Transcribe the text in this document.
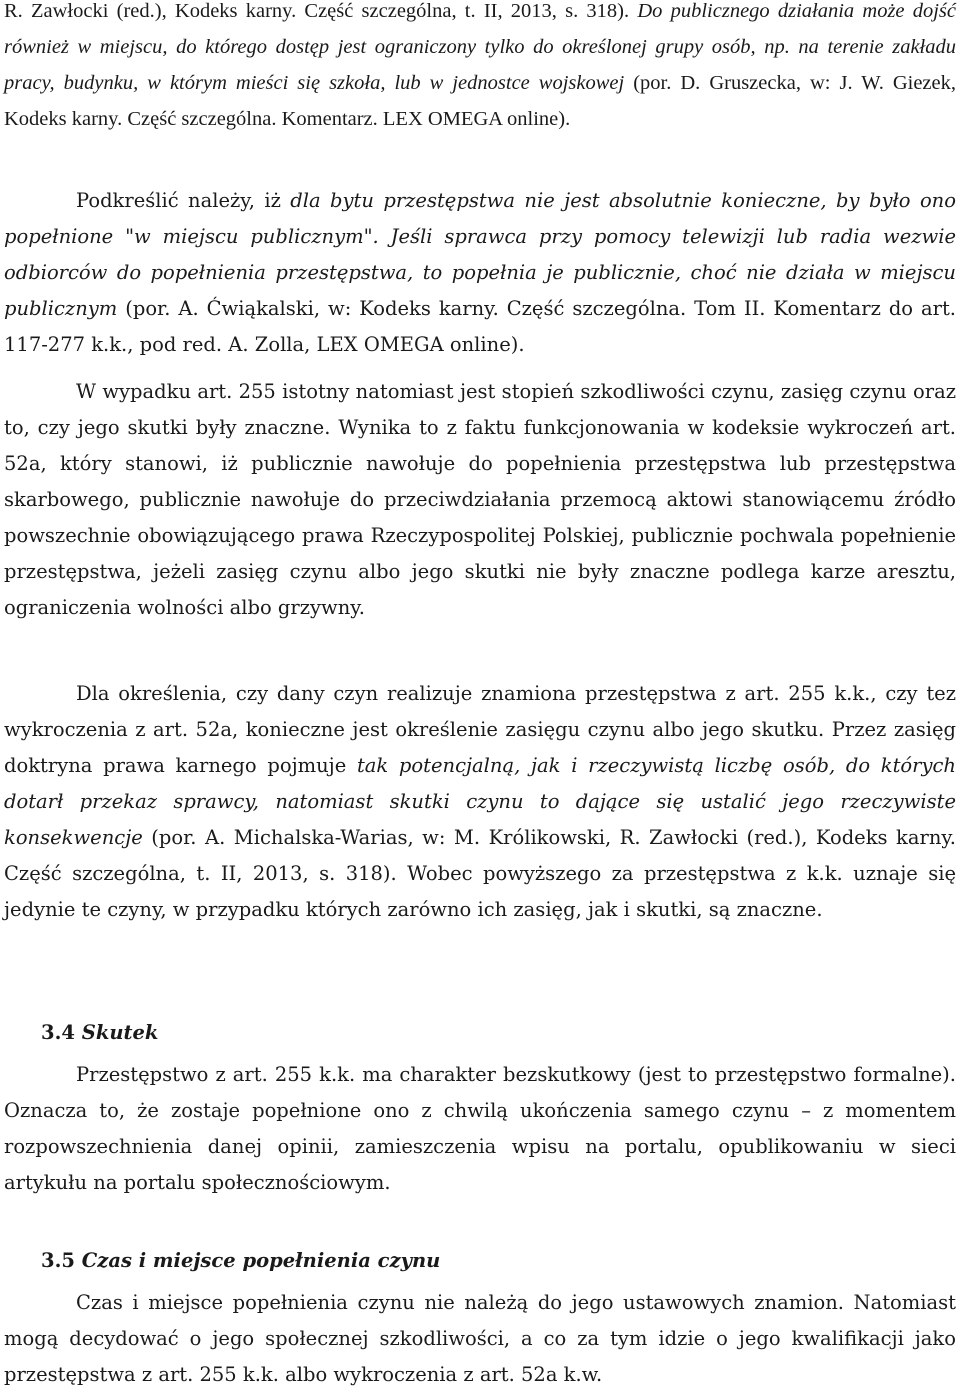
R. Zawłocki (red.), Kodeks karny. Część szczególna, t. II, 2013, s. 318). Do publicznego działania może dojść również w miejscu, do którego dostęp jest ograniczony tylko do określonej grupy osób, np. na terenie zakładu pracy, budynku, w którym mieści się szkoła, lub w jednostce wojskowej (por. D. Gruszecka, w: J. W. Giezek, Kodeks karny. Część szczególna. Komentarz. LEX OMEGA online).

Podkreślić należy, iż dla bytu przestępstwa nie jest absolutnie konieczne, by było ono popełnione "w miejscu publicznym". Jeśli sprawca przy pomocy telewizji lub radia wezwie odbiorców do popełnienia przestępstwa, to popełnia je publicznie, choć nie działa w miejscu publicznym (por. A. Ćwiąkalski, w: Kodeks karny. Część szczególna. Tom II. Komentarz do art. 117-277 k.k., pod red. A. Zolla, LEX OMEGA online).

W wypadku art. 255 istotny natomiast jest stopień szkodliwości czynu, zasięg czynu oraz to, czy jego skutki były znaczne. Wynika to z faktu funkcjonowania w kodeksie wykroczeń art. 52a, który stanowi, iż publicznie nawołuje do popełnienia przestępstwa lub przestępstwa skarbowego, publicznie nawołuje do przeciwdziałania przemocą aktowi stanowiącemu źródło powszechnie obowiązującego prawa Rzeczypospolitej Polskiej, publicznie pochwala popełnienie przestępstwa, jeżeli zasięg czynu albo jego skutki nie były znaczne podlega karze aresztu, ograniczenia wolności albo grzywny.

Dla określenia, czy dany czyn realizuje znamiona przestępstwa z art. 255 k.k., czy tez wykroczenia z art. 52a, konieczne jest określenie zasięgu czynu albo jego skutku. Przez zasięg doktryna prawa karnego pojmuje tak potencjalną, jak i rzeczywistą liczbę osób, do których dotarł przekaz sprawcy, natomiast skutki czynu to dające się ustalić jego rzeczywiste konsekwencje (por. A. Michalska-Warias, w: M. Królikowski, R. Zawłocki (red.), Kodeks karny. Część szczególna, t. II, 2013, s. 318). Wobec powyższego za przestępstwa z k.k. uznaje się jedynie te czyny, w przypadku których zarówno ich zasięg, jak i skutki, są znaczne.

3.4 Skutek

Przestępstwo z art. 255 k.k. ma charakter bezskutkowy (jest to przestępstwo formalne). Oznacza to, że zostaje popełnione ono z chwilą ukończenia samego czynu – z momentem rozpowszechnienia danej opinii, zamieszczenia wpisu na portalu, opublikowaniu w sieci artykułu na portalu społecznościowym.

3.5 Czas i miejsce popełnienia czynu

Czas i miejsce popełnienia czynu nie należą do jego ustawowych znamion. Natomiast mogą decydować o jego społecznej szkodliwości, a co za tym idzie o jego kwalifikacji jako przestępstwa z art. 255 k.k. albo wykroczenia z art. 52a k.w.
